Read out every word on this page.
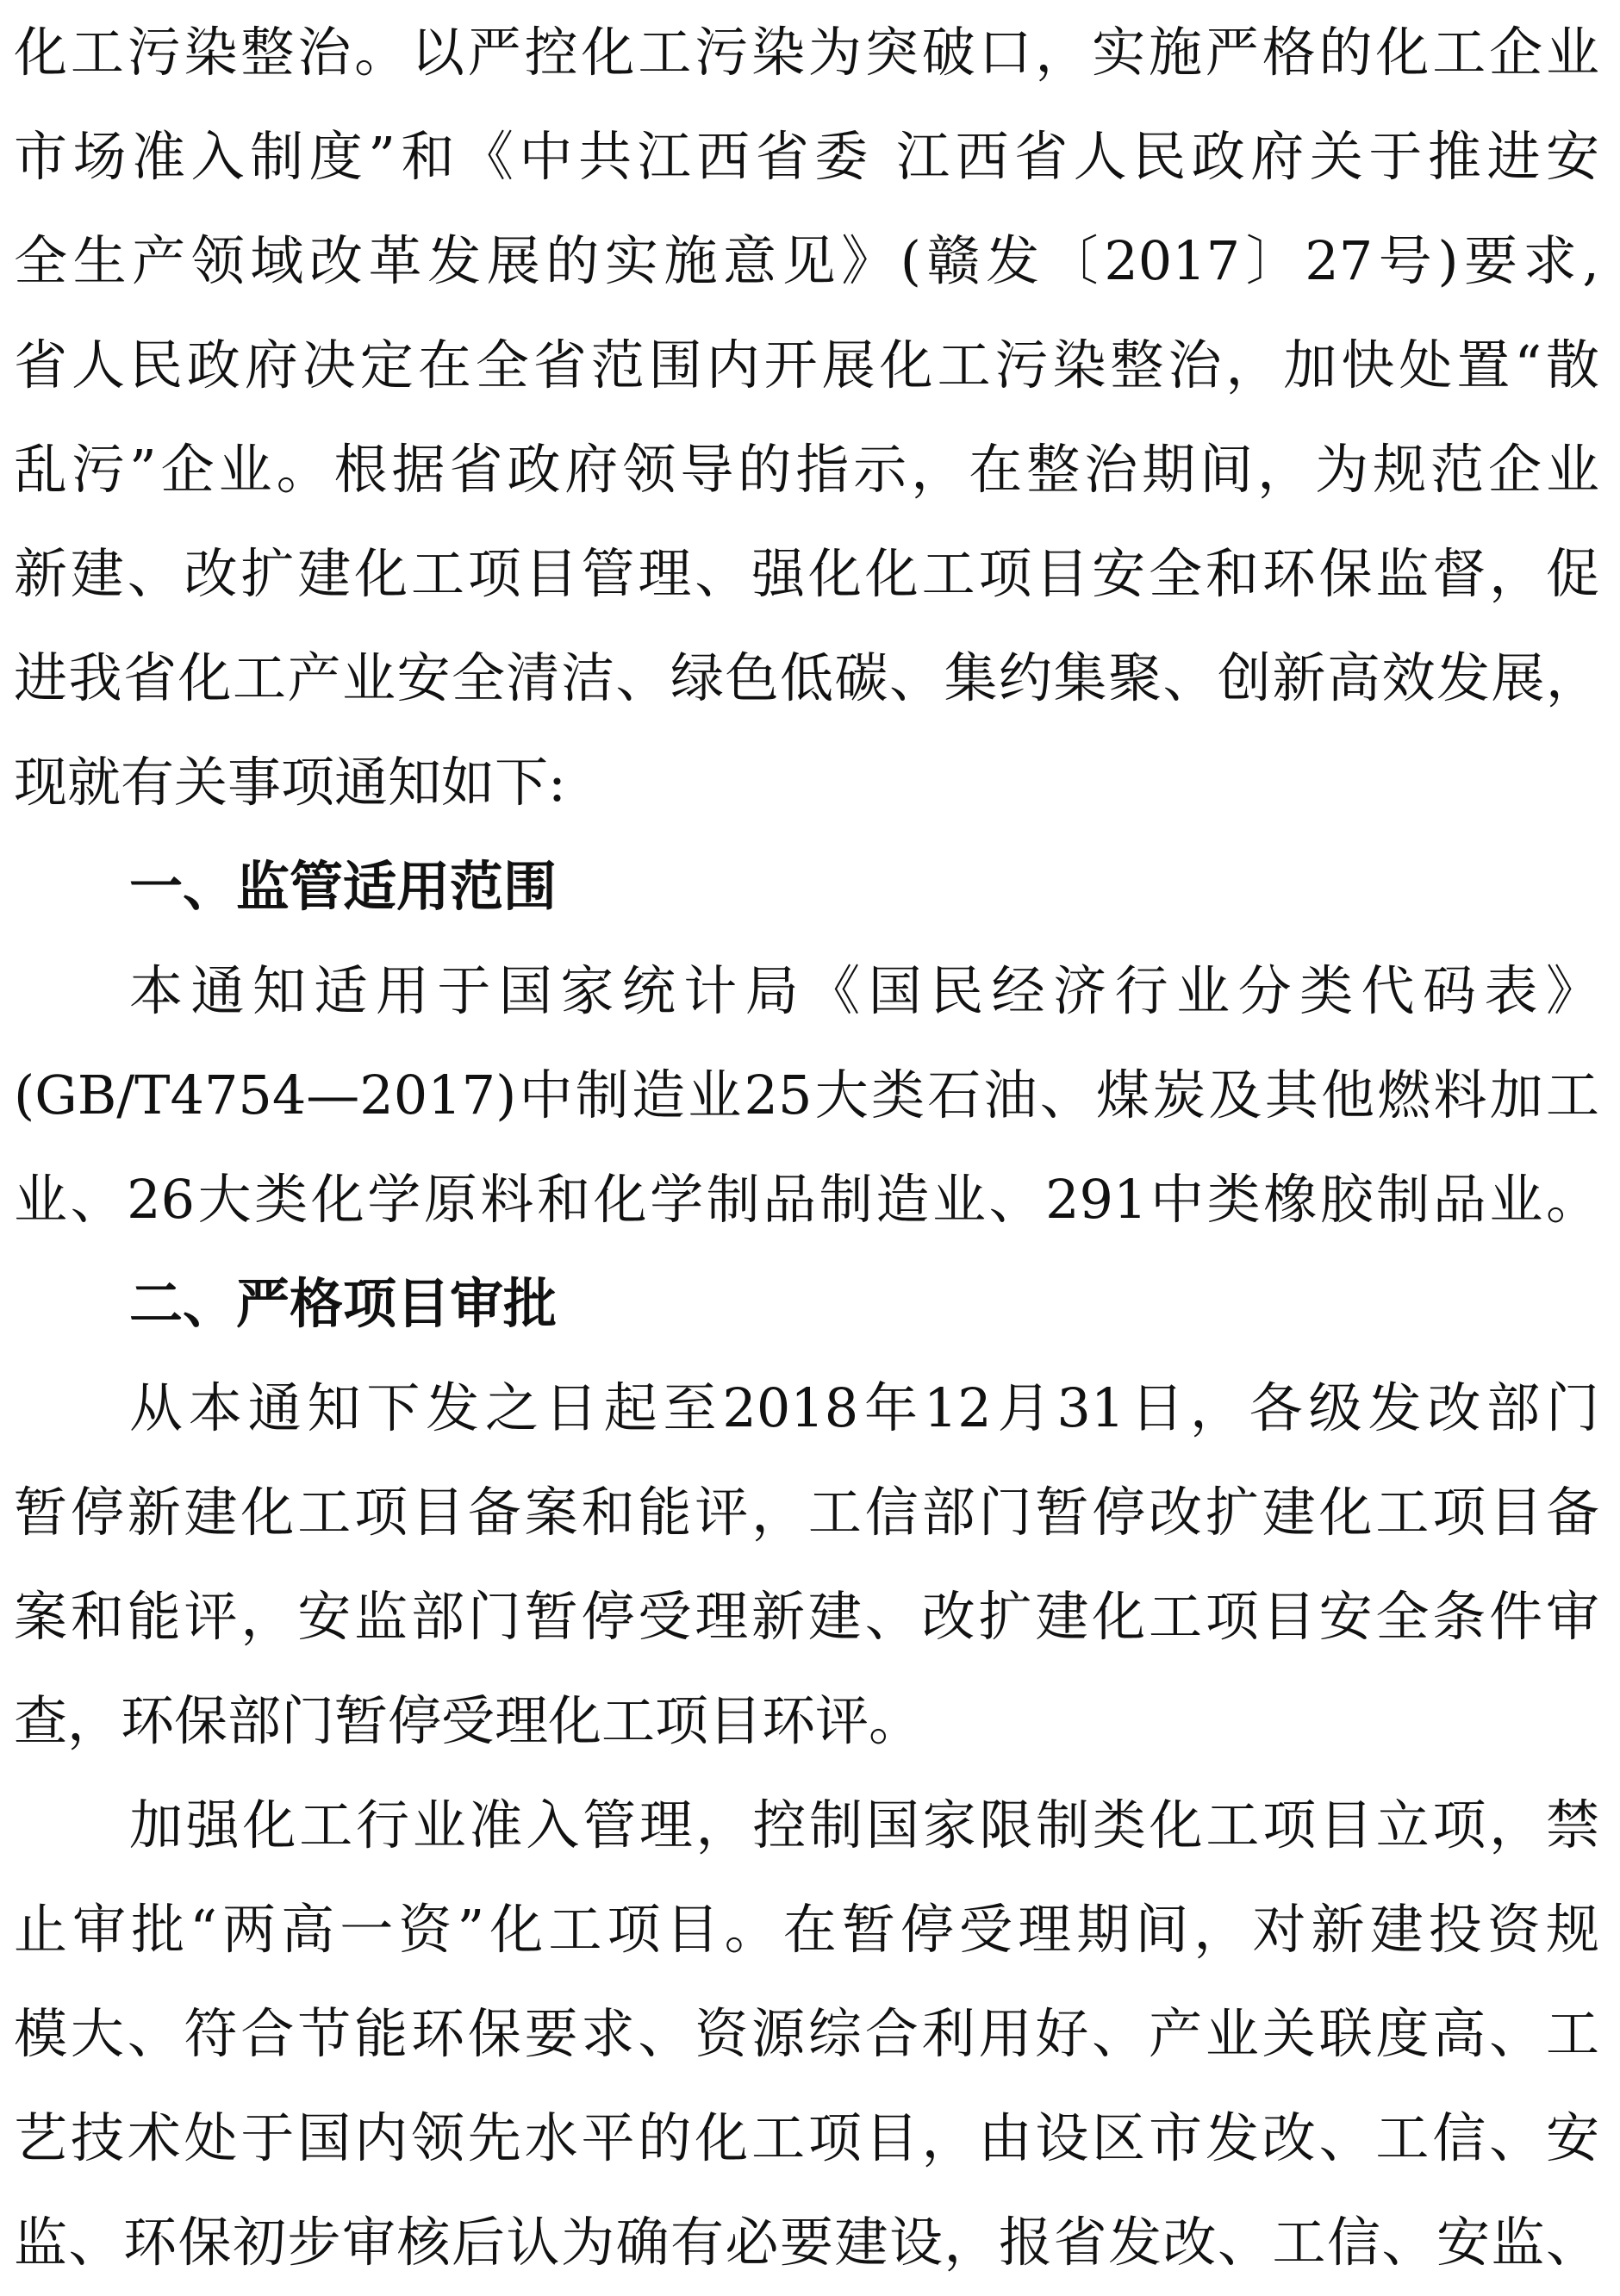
化工污染整治。以严控化工污染为突破口，实施严格的化工企业
市场准入制度”和《中共江西省委 江西省人民政府关于推进安
全生产领域改革发展的实施意见》(赣发〔2017〕27号)要求,
省人民政府决定在全省范围内开展化工污染整治，加快处置“散
乱污”企业。根据省政府领导的指示，在整治期间，为规范企业
新建、改扩建化工项目管理、强化化工项目安全和环保监督，促
进我省化工产业安全清洁、绿色低碳、集约集聚、创新高效发展，
现就有关事项通知如下:
一、监管适用范围
本通知适用于国家统计局《国民经济行业分类代码表》
(GB/T4754—2017)中制造业25大类石油、煤炭及其他燃料加工
业、26大类化学原料和化学制品制造业、291中类橡胶制品业。
二、严格项目审批
从本通知下发之日起至2018年12月31日，各级发改部门
暂停新建化工项目备案和能评，工信部门暂停改扩建化工项目备
案和能评，安监部门暂停受理新建、改扩建化工项目安全条件审
查，环保部门暂停受理化工项目环评。
加强化工行业准入管理，控制国家限制类化工项目立项，禁
止审批“两高一资”化工项目。在暂停受理期间，对新建投资规
模大、符合节能环保要求、资源综合利用好、产业关联度高、工
艺技术处于国内领先水平的化工项目，由设区市发改、工信、安
监、环保初步审核后认为确有必要建设，报省发改、工信、安监、
